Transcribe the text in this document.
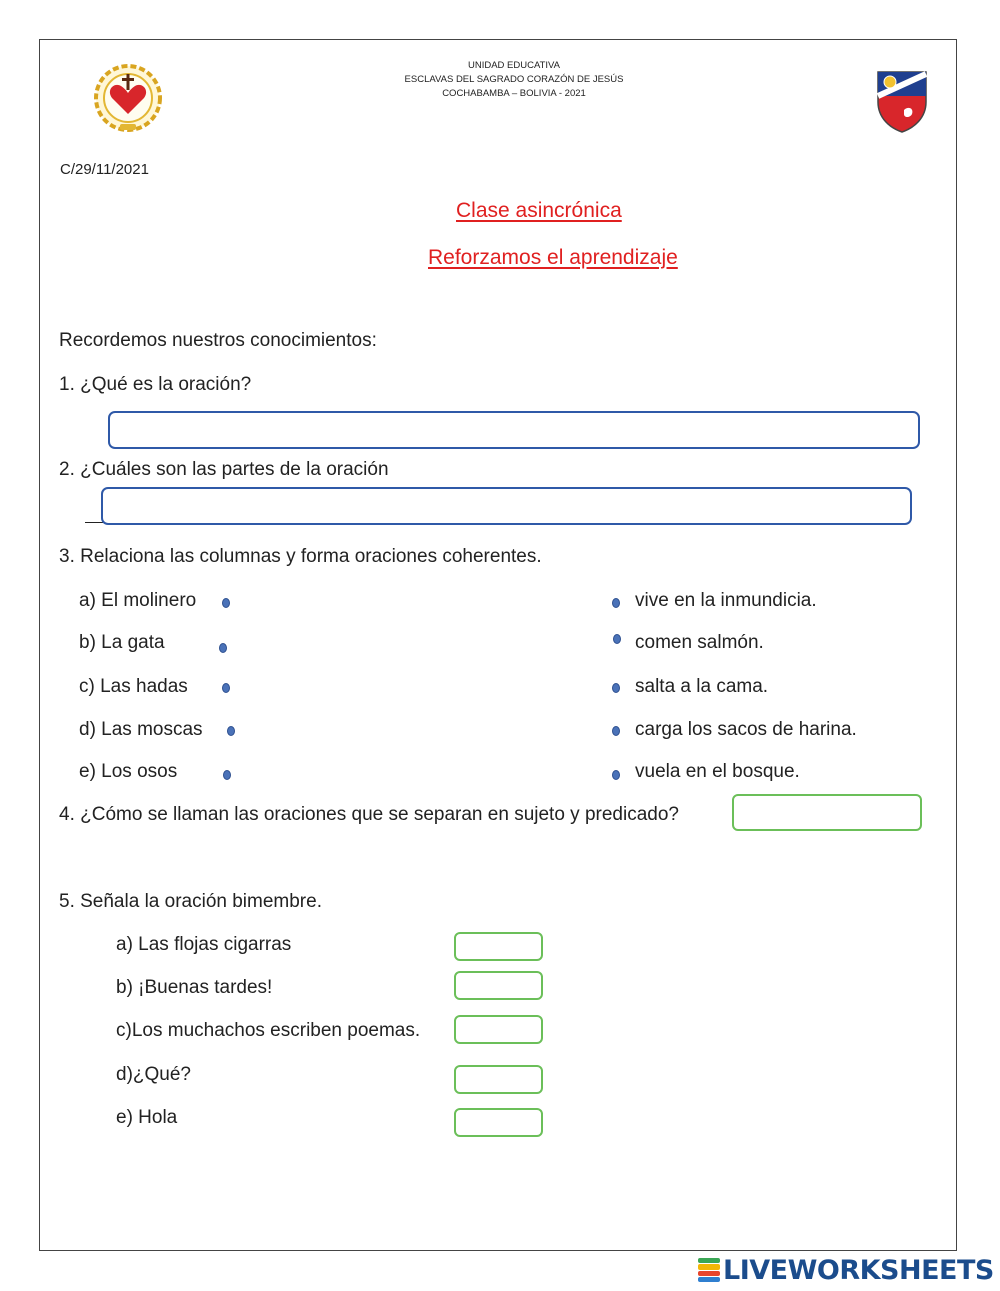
UNIDAD EDUCATIVA
ESCLAVAS DEL SAGRADO CORAZÓN DE JESÚS
COCHABAMBA – BOLIVIA - 2021
C/29/11/2021
Clase asincrónica
Reforzamos el aprendizaje
Recordemos nuestros conocimientos:
1. ¿Qué es la oración?
2. ¿Cuáles son las partes de la oración
3. Relaciona las columnas y forma oraciones coherentes.
a) El molinero
b) La gata
c) Las hadas
d) Las moscas
e) Los osos
vive en la inmundicia.
comen salmón.
salta a la cama.
carga los sacos de harina.
vuela en el bosque.
4. ¿Cómo se llaman las oraciones que se separan en sujeto y predicado?
5. Señala la oración bimembre.
a) Las flojas cigarras
b) ¡Buenas tardes!
c)Los muchachos escriben poemas.
d)¿Qué?
e) Hola
LIVEWORKSHEETS
